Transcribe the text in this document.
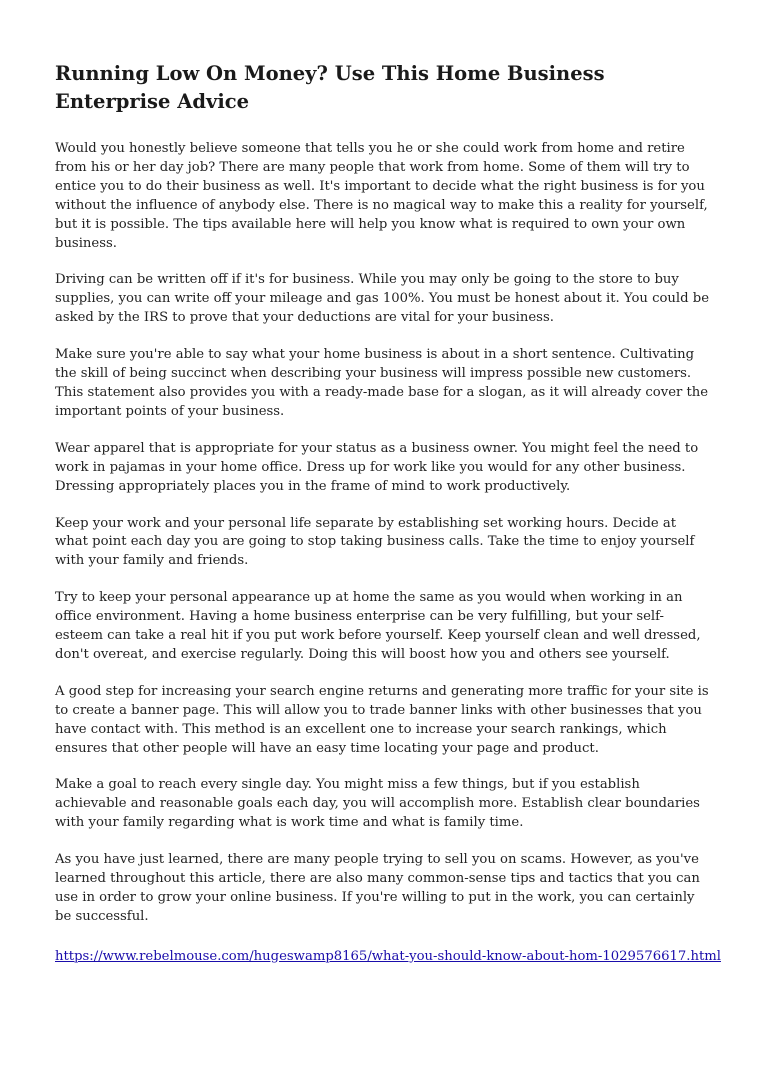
Running Low On Money? Use This Home Business Enterprise Advice

Would you honestly believe someone that tells you he or she could work from home and retire from his or her day job? There are many people that work from home. Some of them will try to entice you to do their business as well. It's important to decide what the right business is for you without the influence of anybody else. There is no magical way to make this a reality for yourself, but it is possible. The tips available here will help you know what is required to own your own business.

Driving can be written off if it's for business. While you may only be going to the store to buy supplies, you can write off your mileage and gas 100%. You must be honest about it. You could be asked by the IRS to prove that your deductions are vital for your business.

Make sure you're able to say what your home business is about in a short sentence. Cultivating the skill of being succinct when describing your business will impress possible new customers. This statement also provides you with a ready-made base for a slogan, as it will already cover the important points of your business.

Wear apparel that is appropriate for your status as a business owner. You might feel the need to work in pajamas in your home office. Dress up for work like you would for any other business. Dressing appropriately places you in the frame of mind to work productively.

Keep your work and your personal life separate by establishing set working hours. Decide at what point each day you are going to stop taking business calls. Take the time to enjoy yourself with your family and friends.

Try to keep your personal appearance up at home the same as you would when working in an office environment. Having a home business enterprise can be very fulfilling, but your self-esteem can take a real hit if you put work before yourself. Keep yourself clean and well dressed, don't overeat, and exercise regularly. Doing this will boost how you and others see yourself.

A good step for increasing your search engine returns and generating more traffic for your site is to create a banner page. This will allow you to trade banner links with other businesses that you have contact with. This method is an excellent one to increase your search rankings, which ensures that other people will have an easy time locating your page and product.

Make a goal to reach every single day. You might miss a few things, but if you establish achievable and reasonable goals each day, you will accomplish more. Establish clear boundaries with your family regarding what is work time and what is family time.

As you have just learned, there are many people trying to sell you on scams. However, as you've learned throughout this article, there are also many common-sense tips and tactics that you can use in order to grow your online business. If you're willing to put in the work, you can certainly be successful.

https://www.rebelmouse.com/hugeswamp8165/what-you-should-know-about-hom-1029576617.html
